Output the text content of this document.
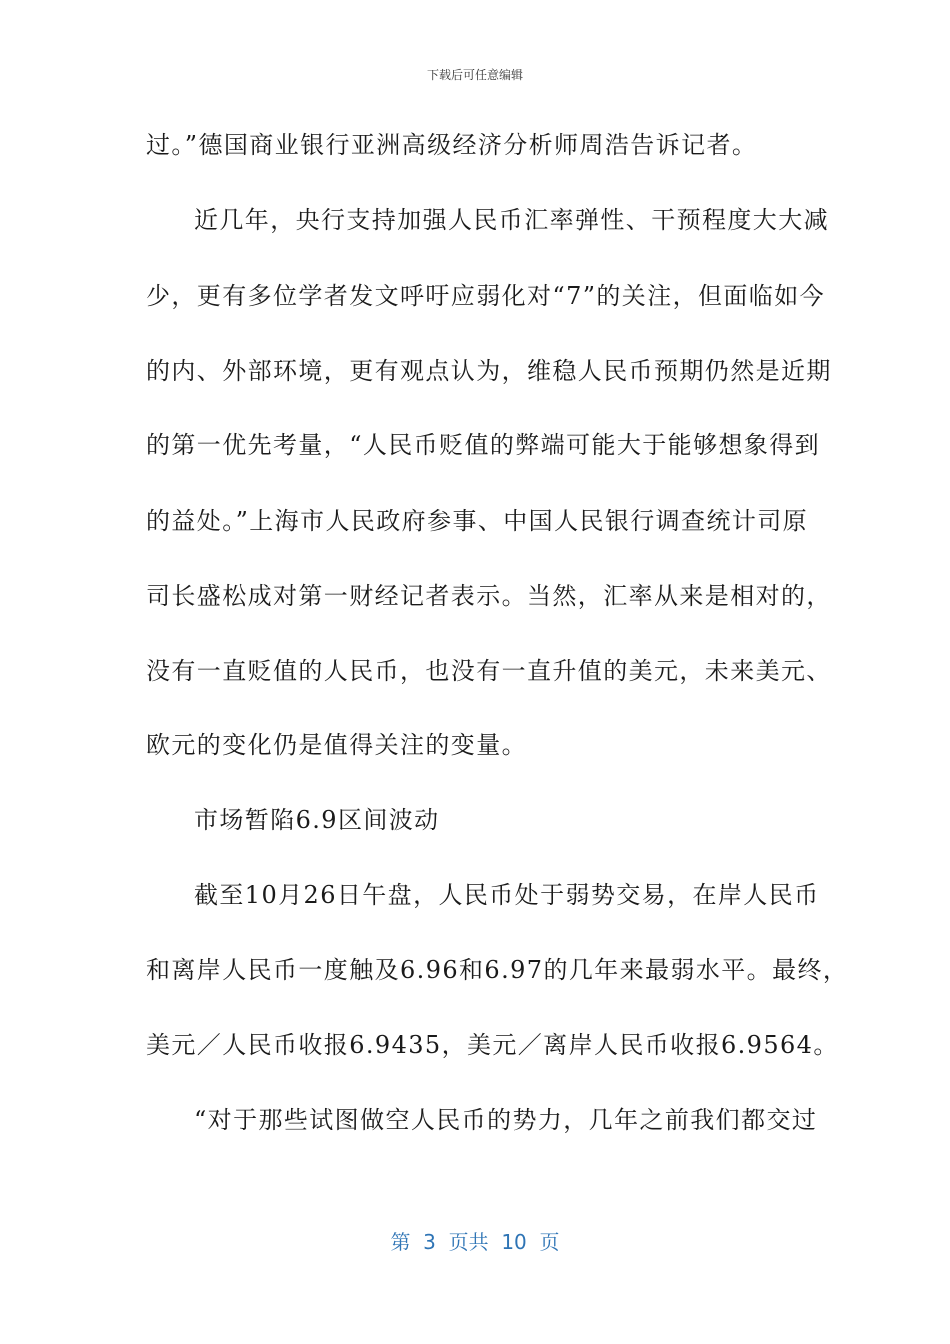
下载后可任意编辑
过。”德国商业银行亚洲高级经济分析师周浩告诉记者。
近几年，央行支持加强人民币汇率弹性、干预程度大大减
少，更有多位学者发文呼吁应弱化对“7”的关注，但面临如今
的内、外部环境，更有观点认为，维稳人民币预期仍然是近期
的第一优先考量，“人民币贬值的弊端可能大于能够想象得到
的益处。”上海市人民政府参事、中国人民银行调查统计司原
司长盛松成对第一财经记者表示。当然，汇率从来是相对的，
没有一直贬值的人民币，也没有一直升值的美元，未来美元、
欧元的变化仍是值得关注的变量。
市场暂陷6.9区间波动
截至10月26日午盘，人民币处于弱势交易，在岸人民币
和离岸人民币一度触及6.96和6.97的几年来最弱水平。最终，
美元／人民币收报6.9435，美元／离岸人民币收报6.9564。
“对于那些试图做空人民币的势力，几年之前我们都交过
第  3  页共  10  页
